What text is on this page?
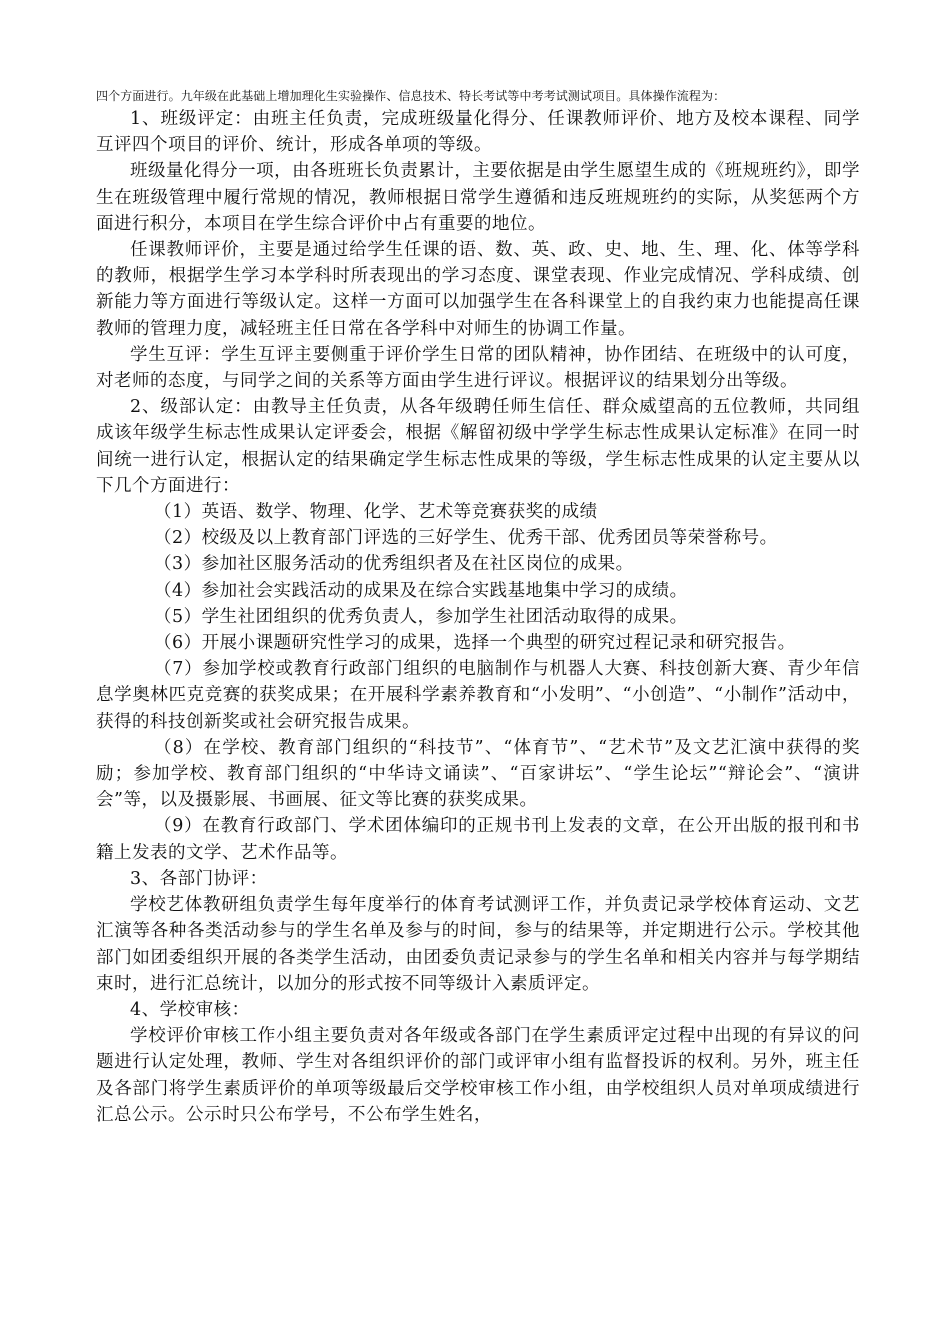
四个方面进行。九年级在此基础上增加理化生实验操作、信息技术、特长考试等中考考试测试项目。具体操作流程为：

1、班级评定：由班主任负责，完成班级量化得分、任课教师评价、地方及校本课程、同学互评四个项目的评价、统计，形成各单项的等级。

班级量化得分一项，由各班班长负责累计，主要依据是由学生愿望生成的《班规班约》，即学生在班级管理中履行常规的情况，教师根据日常学生遵循和违反班规班约的实际，从奖惩两个方面进行积分，本项目在学生综合评价中占有重要的地位。

任课教师评价，主要是通过给学生任课的语、数、英、政、史、地、生、理、化、体等学科的教师，根据学生学习本学科时所表现出的学习态度、课堂表现、作业完成情况、学科成绩、创新能力等方面进行等级认定。这样一方面可以加强学生在各科课堂上的自我约束力也能提高任课教师的管理力度，减轻班主任日常在各学科中对师生的协调工作量。

学生互评：学生互评主要侧重于评价学生日常的团队精神，协作团结、在班级中的认可度，对老师的态度，与同学之间的关系等方面由学生进行评议。根据评议的结果划分出等级。

2、级部认定：由教导主任负责，从各年级聘任师生信任、群众威望高的五位教师，共同组成该年级学生标志性成果认定评委会，根据《解留初级中学学生标志性成果认定标准》在同一时间统一进行认定，根据认定的结果确定学生标志性成果的等级，学生标志性成果的认定主要从以下几个方面进行：

（1）英语、数学、物理、化学、艺术等竞赛获奖的成绩

（2）校级及以上教育部门评选的三好学生、优秀干部、优秀团员等荣誉称号。

（3）参加社区服务活动的优秀组织者及在社区岗位的成果。

（4）参加社会实践活动的成果及在综合实践基地集中学习的成绩。

（5）学生社团组织的优秀负责人，参加学生社团活动取得的成果。

（6）开展小课题研究性学习的成果，选择一个典型的研究过程记录和研究报告。

（7）参加学校或教育行政部门组织的电脑制作与机器人大赛、科技创新大赛、青少年信息学奥林匹克竞赛的获奖成果；在开展科学素养教育和“小发明”、“小创造”、“小制作”活动中，获得的科技创新奖或社会研究报告成果。

（8）在学校、教育部门组织的“科技节”、“体育节”、“艺术节”及文艺汇演中获得的奖励；参加学校、教育部门组织的“中华诗文诵读”、“百家讲坛”、“学生论坛”“辩论会”、“演讲会”等，以及摄影展、书画展、征文等比赛的获奖成果。

（9）在教育行政部门、学术团体编印的正规书刊上发表的文章，在公开出版的报刊和书籍上发表的文学、艺术作品等。

3、各部门协评：

学校艺体教研组负责学生每年度举行的体育考试测评工作，并负责记录学校体育运动、文艺汇演等各种各类活动参与的学生名单及参与的时间，参与的结果等，并定期进行公示。学校其他部门如团委组织开展的各类学生活动，由团委负责记录参与的学生名单和相关内容并与每学期结束时，进行汇总统计，以加分的形式按不同等级计入素质评定。

4、学校审核：

学校评价审核工作小组主要负责对各年级或各部门在学生素质评定过程中出现的有异议的问题进行认定处理，教师、学生对各组织评价的部门或评审小组有监督投诉的权利。另外，班主任及各部门将学生素质评价的单项等级最后交学校审核工作小组，由学校组织人员对单项成绩进行汇总公示。公示时只公布学号，不公布学生姓名，
